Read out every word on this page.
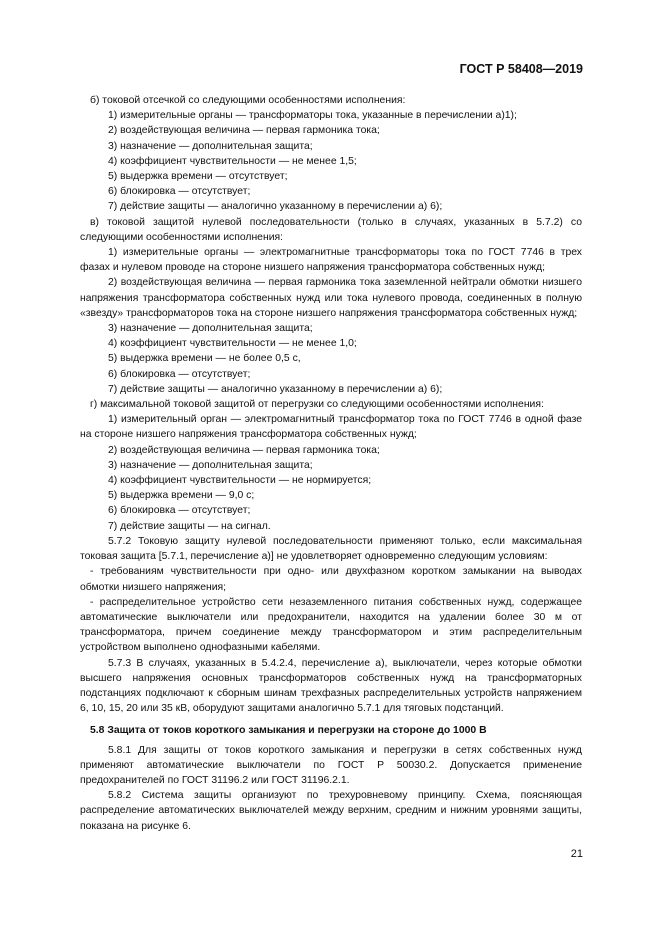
ГОСТ Р 58408—2019

б) токовой отсечкой со следующими особенностями исполнения:

1) измерительные органы — трансформаторы тока, указанные в перечислении а)1);

2) воздействующая величина — первая гармоника тока;

3) назначение — дополнительная защита;

4) коэффициент чувствительности — не менее 1,5;

5) выдержка времени — отсутствует;

6) блокировка — отсутствует;

7) действие защиты — аналогично указанному в перечислении а) 6);

в) токовой защитой нулевой последовательности (только в случаях, указанных в 5.7.2) со следующими особенностями исполнения:

1) измерительные органы — электромагнитные трансформаторы тока по ГОСТ 7746 в трех фазах и нулевом проводе на стороне низшего напряжения трансформатора собственных нужд;

2) воздействующая величина — первая гармоника тока заземленной нейтрали обмотки низшего напряжения трансформатора собственных нужд или тока нулевого провода, соединенных в полную «звезду» трансформаторов тока на стороне низшего напряжения трансформатора собственных нужд;

3) назначение — дополнительная защита;

4) коэффициент чувствительности — не менее 1,0;

5) выдержка времени — не более 0,5 с,

6) блокировка — отсутствует;

7) действие защиты — аналогично указанному в перечислении а) 6);

г) максимальной токовой защитой от перегрузки со следующими особенностями исполнения:

1) измерительный орган — электромагнитный трансформатор тока по ГОСТ 7746 в одной фазе на стороне низшего напряжения трансформатора собственных нужд;

2) воздействующая величина — первая гармоника тока;

3) назначение — дополнительная защита;

4) коэффициент чувствительности — не нормируется;

5) выдержка времени — 9,0 с;

6) блокировка — отсутствует;

7) действие защиты — на сигнал.

5.7.2 Токовую защиту нулевой последовательности применяют только, если максимальная токовая защита [5.7.1, перечисление а)] не удовлетворяет одновременно следующим условиям:

- требованиям чувствительности при одно- или двухфазном коротком замыкании на выводах обмотки низшего напряжения;

- распределительное устройство сети незаземленного питания собственных нужд, содержащее автоматические выключатели или предохранители, находится на удалении более 30 м от трансформатора, причем соединение между трансформатором и этим распределительным устройством выполнено однофазными кабелями.

5.7.3 В случаях, указанных в 5.4.2.4, перечисление а), выключатели, через которые обмотки высшего напряжения основных трансформаторов собственных нужд на трансформаторных подстанциях подключают к сборным шинам трехфазных распределительных устройств напряжением 6, 10, 15, 20 или 35 кВ, оборудуют защитами аналогично 5.7.1 для тяговых подстанций.

5.8 Защита от токов короткого замыкания и перегрузки на стороне до 1000 В

5.8.1 Для защиты от токов короткого замыкания и перегрузки в сетях собственных нужд применяют автоматические выключатели по ГОСТ Р 50030.2. Допускается применение предохранителей по ГОСТ 31196.2 или ГОСТ 31196.2.1.

5.8.2 Система защиты организуют по трехуровневому принципу. Схема, поясняющая распределение автоматических выключателей между верхним, средним и нижним уровнями защиты, показана на рисунке 6.

21
